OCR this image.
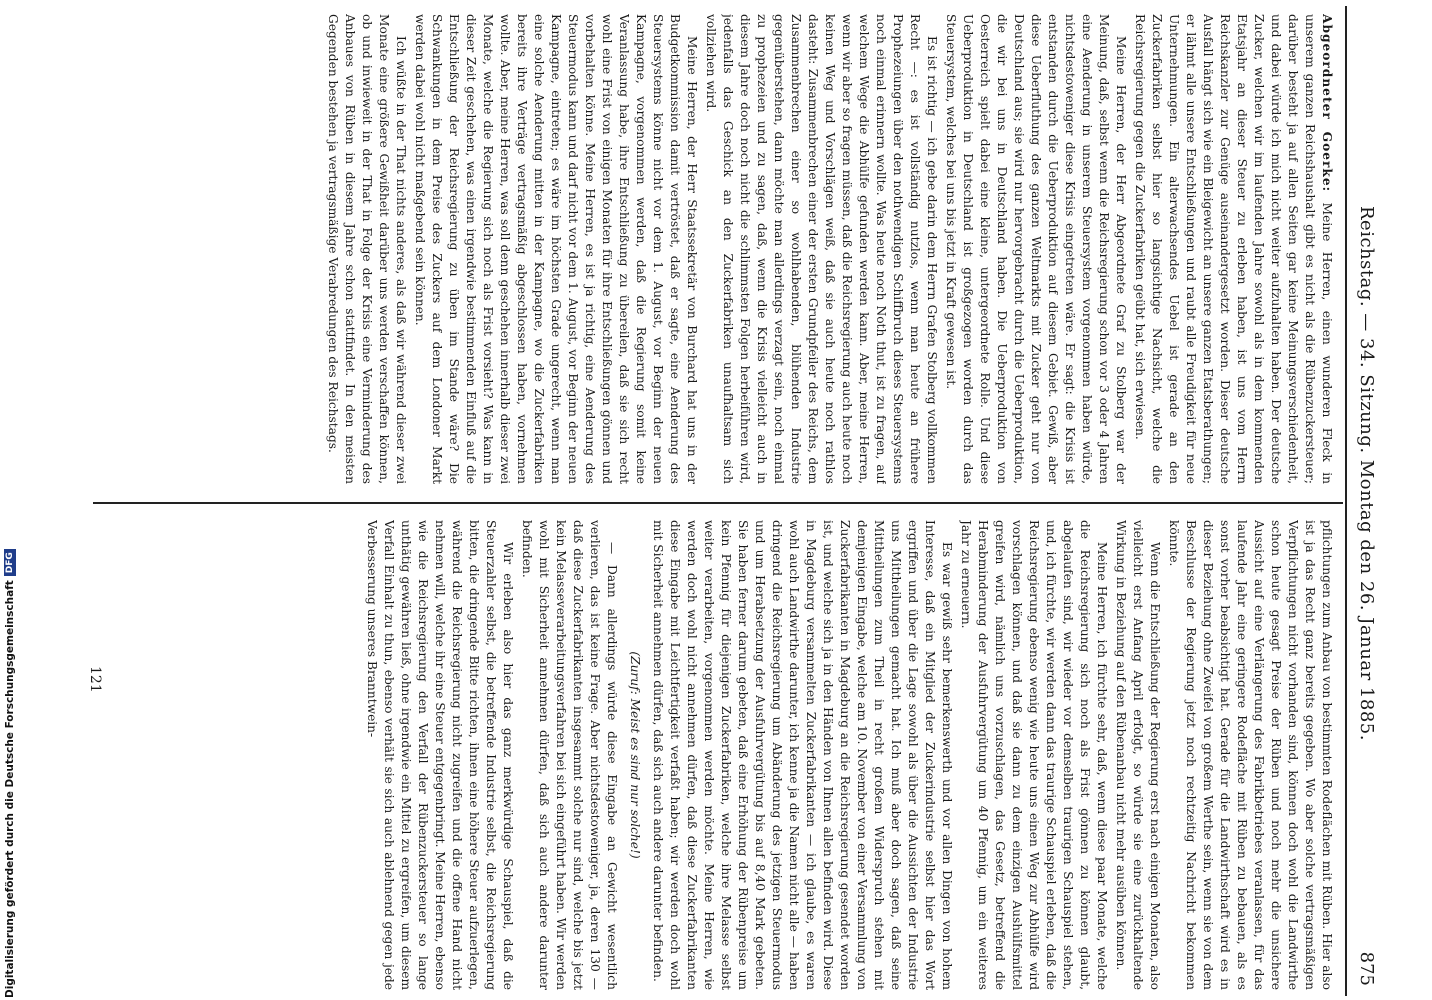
Reichstag. — 34. Sitzung. Montag den 26. Januar 1885.
875

Abgeordneter Goerke: Meine Herren, einen wunderen Fleck in unserem ganzen Reichshaushalt gibt es nicht als die Rübenzuckersteuer; darüber besteht ja auf allen Seiten gar keine Meinungsverschiedenheit, und dabei würde ich mich nicht weiter aufzuhalten haben. Der deutsche Zucker, welchen wir im laufenden Jahre sowohl als in dem kommenden Etatsjahr an dieser Steuer zu erleben haben, ist uns vom Herrn Reichskanzler zur Genüge auseinandergesetzt worden. Dieser deutsche Ausfall hängt sich wie ein Bleigewicht an unsere ganzen Etatsberathungen; er lähmt alle unsere Entschließungen und raubt alle Freudigkeit für neue Unternehmungen. Ein alterwachsendes Uebel ist gerade an den Zuckerfabriken selbst hier so langsichtige Nachsicht, welche die Reichsregierung gegen die Zuckerfabriken geübt hat, sich erwiesen.

Meine Herren, der Herr Abgeordnete Graf zu Stolberg war der Meinung, daß, selbst wenn die Reichsregierung schon vor 3 oder 4 Jahren eine Aenderung in unserem Steuersystem vorgenommen haben würde, nichtsdestoweniger diese Krisis eingetreten wäre. Er sagt: die Krisis ist entstanden durch die Ueberproduktion auf diesem Gebiet. Gewiß, aber diese Ueberfluthung des ganzen Weltmarkts mit Zucker geht nur von Deutschland aus; sie wird nur hervorgebracht durch die Ueberproduktion, die wir bei uns in Deutschland haben. Die Ueberproduktion von Oesterreich spielt dabei eine kleine, untergeordnete Rolle. Und diese Ueberproduktion in Deutschland ist großgezogen worden durch das Steuersystem, welches bei uns bis jetzt in Kraft gewesen ist.

Es ist richtig — ich gebe darin dem Herrn Grafen Stolberg vollkommen Recht —: es ist vollständig nutzlos, wenn man heute an frühere Prophezeiungen über den nothwendigen Schiffbruch dieses Steuersystems noch einmal erinnern wollte. Was heute noch Noth thut, ist zu fragen, auf welchem Wege die Abhülfe gefunden werden kann. Aber, meine Herren, wenn wir aber so fragen müssen, daß die Reichsregierung auch heute noch keinen Weg und Vorschlägen weiß, daß sie auch heute noch rathlos dasteht: Zusammenbrechen einer der ersten Grundpfeiler des Reichs, dem Zusammenbrechen einer so wohlhabenden, blühenden Industrie gegenüberstehen, dann möchte man allerdings verzagt sein, noch einmal zu prophezeien und zu sagen, daß, wenn die Krisis vielleicht auch in diesem Jahre doch noch nicht die schlimmsten Folgen herbeiführen wird, jedenfalls das Geschick an den Zuckerfabriken unaufhaltsam sich vollziehen wird.

Meine Herren, der Herr Staatssekretär von Burchard hat uns in der Budgetkommission damit vertröstet, daß er sagte, eine Aenderung des Steuersystems könne nicht vor dem 1. August, vor Beginn der neuen Kampagne, vorgenommen werden, daß die Regierung somit keine Veranlassung habe, ihre Entschließung zu übereilen, daß sie sich recht wohl eine Frist von einigen Monaten für ihre Entschließungen gönnen und vorbehalten könne. Meine Herren, es ist ja richtig, eine Aenderung des Steuermodus kann und darf nicht vor dem 1. August, vor Beginn der neuen Kampagne, eintreten; es wäre im höchsten Grade ungerecht, wenn man eine solche Aenderung mitten in der Kampagne, wo die Zuckerfabriken bereits ihre Verträge vertragsmäßig abgeschlossen haben, vornehmen wollte. Aber, meine Herren, was soll denn geschehen innerhalb dieser zwei Monate, welche die Regierung sich noch als Frist vorsieht? Was kann in dieser Zeit geschehen, was einen irgendwie bestimmenden Einfluß auf die Entschließung der Reichsregierung zu üben im Stande wäre? Die Schwankungen in dem Preise des Zuckers auf dem Londoner Markt werden dabei wohl nicht maßgebend sein können.

Ich wüßte in der That nichts anderes, als daß wir während dieser zwei Monate eine größere Gewißheit darüber uns werden verschaffen können, ob und inwieweit in der That in Folge der Krisis eine Verminderung des Anbaues von Rüben in diesem Jahre schon stattfindet. In den meisten Gegenden bestehen ja vertragsmäßige Verabredungen des Reichstags.

pflichtungen zum Anbau von bestimmten Rodeflächen mit Rüben. Hier also ist ja das Recht ganz bereits gegeben. Wo aber solche vertragsmäßigen Verpflichtungen nicht vorhanden sind, können doch wohl die Landwirthe schon heute gesagt Preise der Rüben und noch mehr die unsichere Aussicht auf eine Verlängerung des Fabrikbetriebes veranlassen, für das laufende Jahr eine geringere Rodefläche mit Rüben zu bebauen, als es sonst vorher beabsichtigt hat. Gerade für die Landwirthschaft wird es in dieser Beziehung ohne Zweifel von großem Werthe sein, wenn sie von dem Beschlusse der Regierung jetzt noch rechtzeitig Nachricht bekommen könnte.

Wenn die Entschließung der Regierung erst nach einigen Monaten, also vielleicht erst Anfang April erfolgt, so würde sie eine zurückhaltende Wirkung in Beziehung auf den Rübenanbau nicht mehr ausüben können.

Meine Herren, ich fürchte sehr, daß, wenn diese paar Monate, welche die Reichsregierung sich noch als Frist gönnen zu können glaubt, abgelaufen sind, wir wieder vor demselben traurigen Schauspiel stehen, und, ich fürchte, wir werden dann das traurige Schauspiel erleben, daß die Reichsregierung ebenso wenig wie heute uns einen Weg zur Abhülfe wird vorschlagen können, und daß sie dann zu dem einzigen Aushülfsmittel greifen wird, nämlich uns vorzuschlagen, das Gesetz, betreffend die Herabminderung der Ausfuhrvergütung um 40 Pfennig, um ein weiteres Jahr zu erneuern.

Es war gewiß sehr bemerkenswerth und vor allen Dingen von hohem Interesse, daß ein Mitglied der Zuckerindustrie selbst hier das Wort ergriffen und über die Lage sowohl als über die Aussichten der Industrie uns Mittheilungen gemacht hat. Ich muß aber doch sagen, daß seine Mittheilungen zum Theil in recht großem Widerspruch stehen mit demjenigen Eingabe, welche am 10. November von einer Versammlung von Zuckerfabrikanten in Magdeburg an die Reichsregierung gesendet worden ist, und welche sich ja in den Händen von Ihnen allen befinden wird. Diese in Magdeburg versammelten Zuckerfabrikanten — ich glaube, es waren wohl auch Landwirthe darunter, ich kenne ja die Namen nicht alle — haben dringend die Reichsregierung um Abänderung des jetzigen Steuermodus und um Herabsetzung der Ausfuhrvergütung bis auf 8,40 Mark gebeten. Sie haben ferner darum gebeten, daß eine Erhöhung der Rübenpreise um kein Pfennig für diejenigen Zuckerfabriken, welche ihre Melasse selbst weiter verarbeiten, vorgenommen werden möchte. Meine Herren, wie werden doch wohl nicht annehmen dürfen, daß diese Zuckerfabrikanten diese Eingabe mit Leichtfertigkeit verfaßt haben; wir werden doch wohl mit Sicherheit annehmen dürfen, daß sich auch andere darunter befinden.

(Zuruf: Meist es sind nur solche!)

— Dann allerdings würde diese Eingabe an Gewicht wesentlich verlieren, das ist keine Frage. Aber nichtsdestoweniger, ja, deren 130 — daß diese Zuckerfabrikanten insgesammt solche nur sind, welche bis jetzt kein Melasseverarbeitungsverfahren bei sich eingeführt haben. Wir werden wohl mit Sicherheit annehmen dürfen, daß sich auch andere darunter befinden.

Wir erleben also hier das ganz merkwürdige Schauspiel, daß die Steuerzahler selbst, die betreffende Industrie selbst, die Reichsregierung bitten, die dringende Bitte richten, ihnen eine höhere Steuer aufzuerlegen, während die Reichsregierung nicht zugreifen und die offene Hand nicht nehmen will, welche ihr eine Steuer entgegenbringt. Meine Herren, ebenso wie die Reichsregierung den Verfall der Rübenzuckersteuer so lange unthätig gewähren ließ, ohne irgendwie ein Mittel zu ergreifen, um diesem Verfall Einhalt zu thun, ebenso verhält sie sich auch ablehnend gegen jede Verbesserung unseres Branntwein-

121
Digitalisierung gefördert durch die Deutsche ForschungsgemeinschaftDFG
